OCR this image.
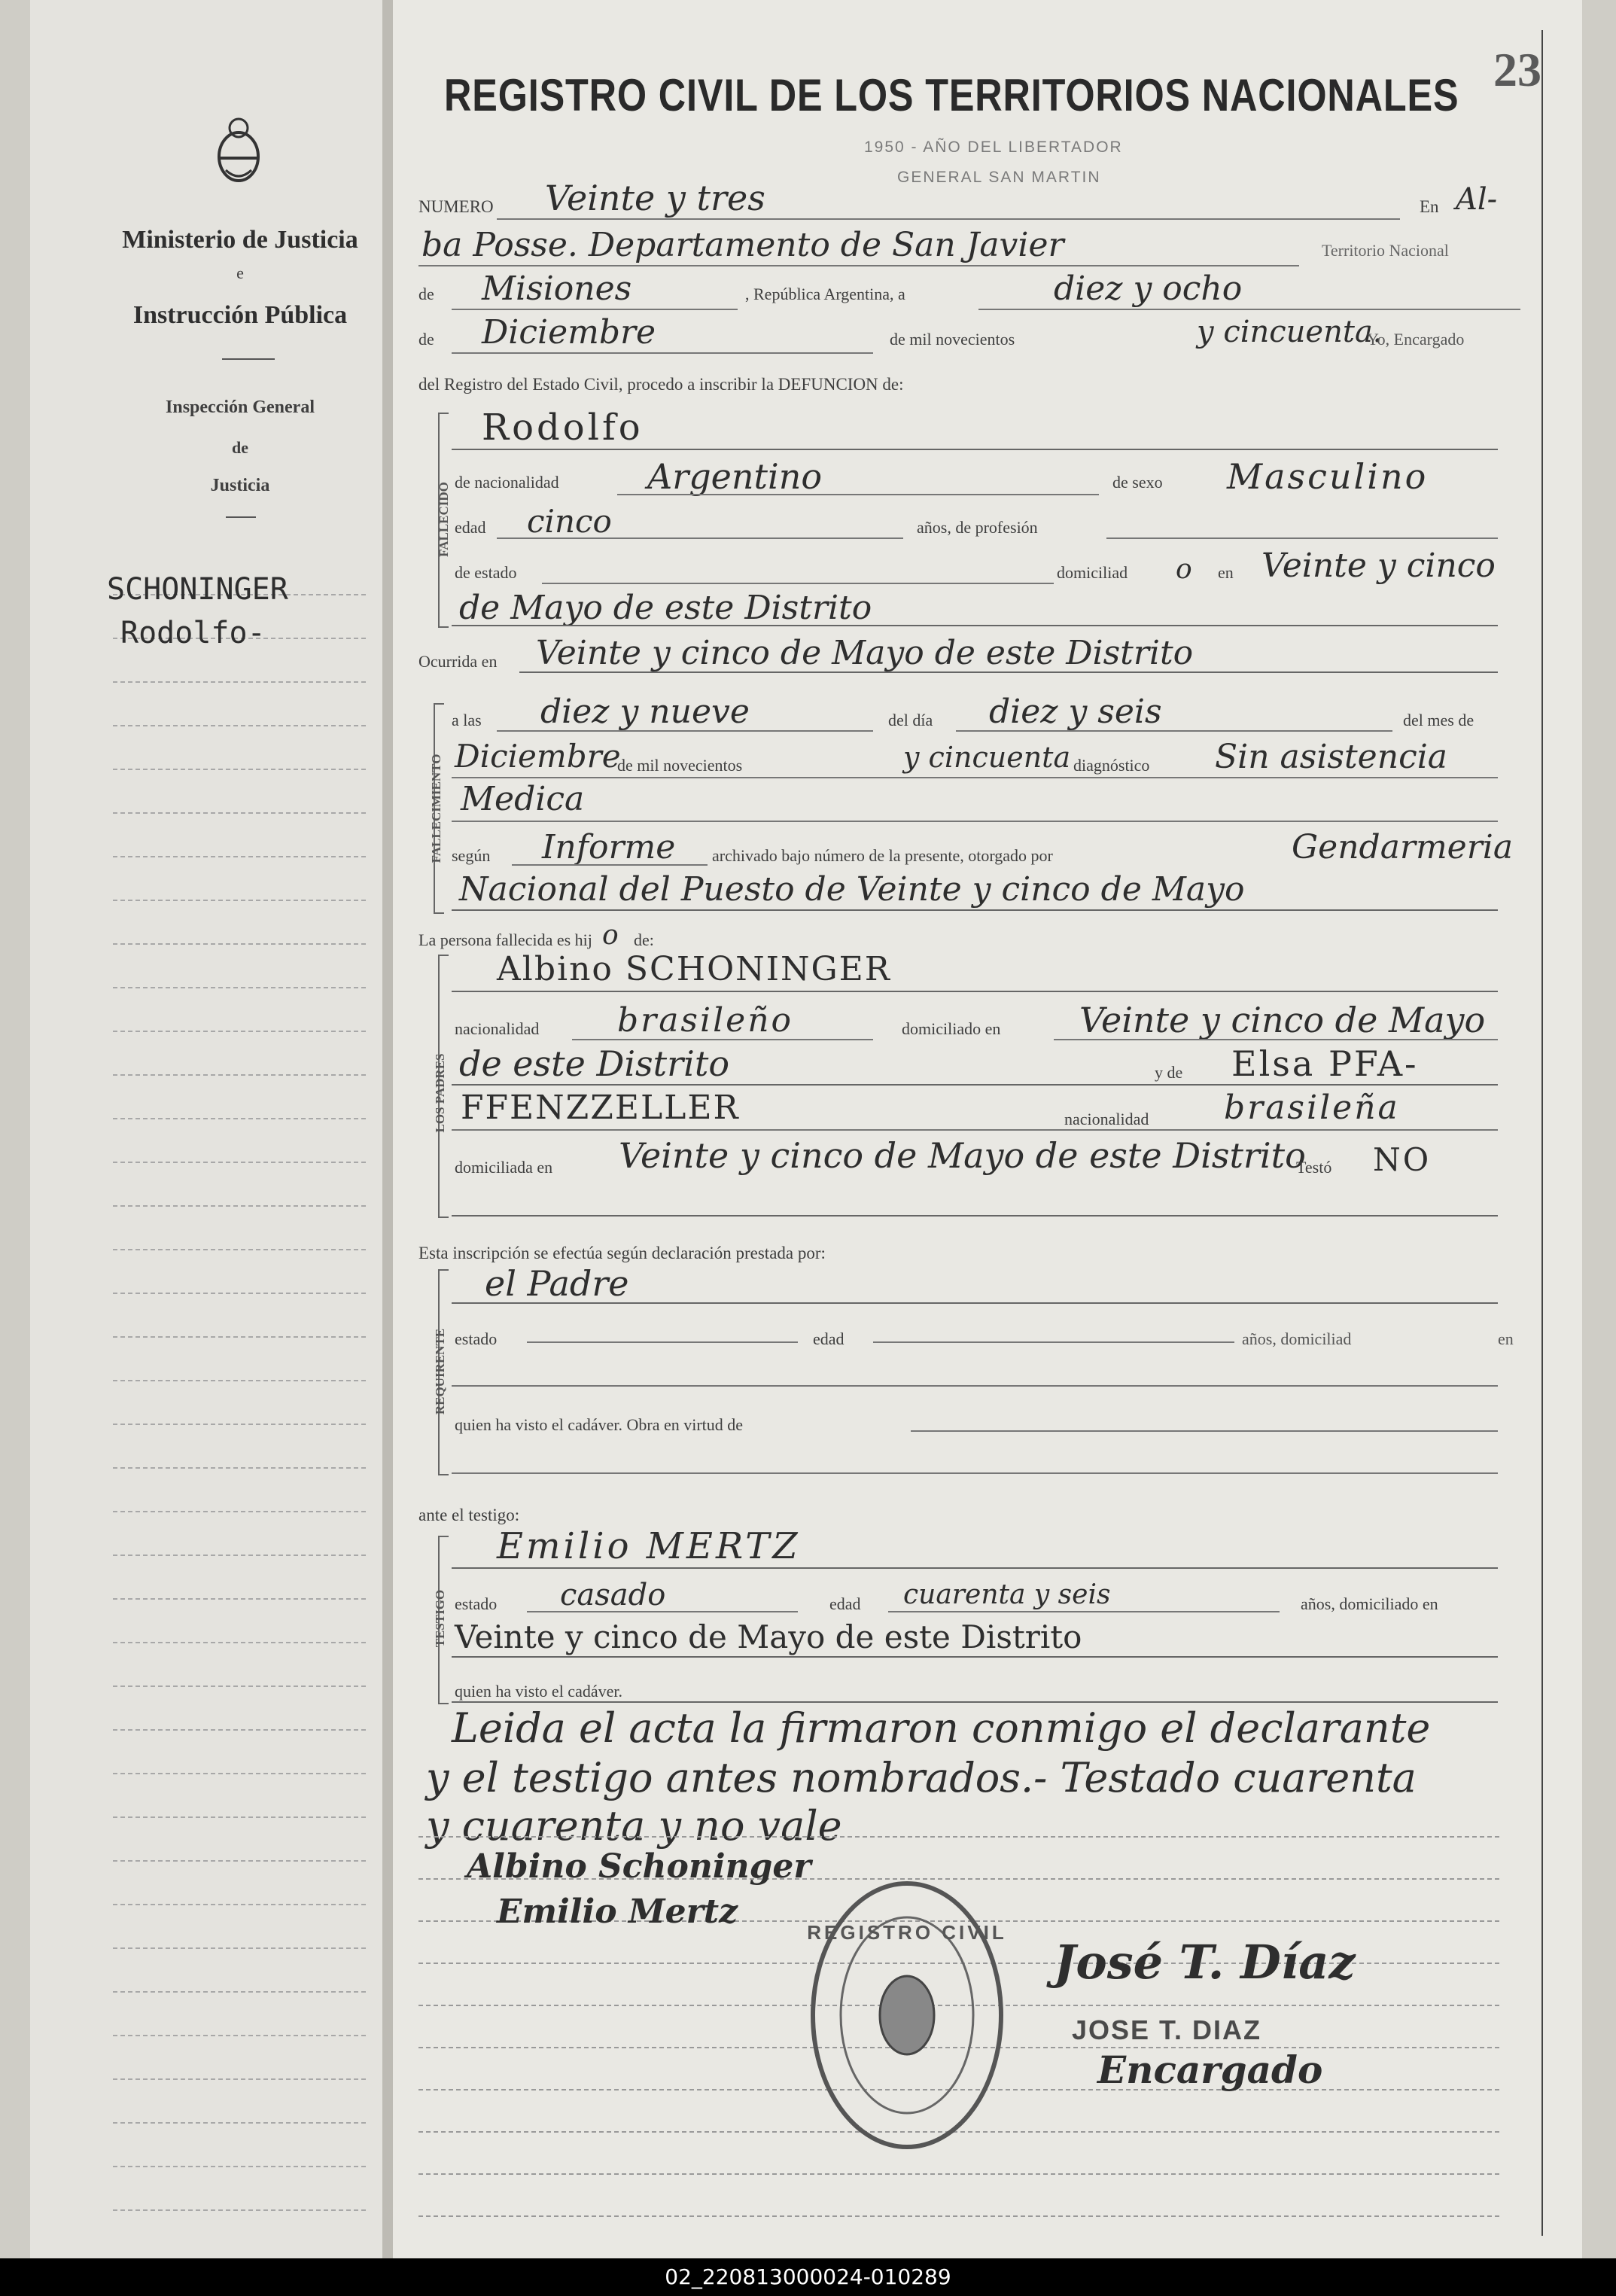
Ministerio de Justicia
e
Instrucción Pública
Inspección General
de
Justicia
SCHONINGER
Rodolfo-
REGISTRO CIVIL DE LOS TERRITORIOS NACIONALES 23
1950 - AÑO DEL LIBERTADOR
GENERAL SAN MARTIN
NUMERO Veinte y tres	En Al-
ba Posse. Departamento de San Javier	Territorio Nacional
de Misiones	, República Argentina, a	diez y ocho
de Diciembre	de mil novecientos	y cincuenta.
Yo, Encargado
del Registro del Estado Civil, procedo a inscribir la DEFUNCION de:
FALLECIDO
Rodolfo
de nacionalidad	Argentino	de sexo Masculino
edad cinco	años, de profesión
de estado	domiciliad o en Veinte y cinco
de Mayo de este Distrito
Ocurrida en Veinte y cinco de Mayo de este Distrito
FALLECIMIENTO
a las diez y nueve	del día diez y seis	del mes de
Diciembre
de mil novecientos	y cincuenta diagnóstico Sin asistencia
Medica
según Informe archivado bajo número de la presente, otorgado por	Gendarmeria
Nacional del Puesto de Veinte y cinco de Mayo
La persona fallecida es hij o de:
LOS PADRES
Albino SCHONINGER
nacionalidad brasileño	domiciliado en Veinte y cinco de Mayo
de este Distrito	y de Elsa PFA-
FFENZZELLER	nacionalidad brasileña
domiciliada en Veinte y cinco de Mayo de este Distrito
Testó NO
Esta inscripción se efectúa según declaración prestada por:
REQUIRENTE
el Padre
estado	edad	años, domiciliad	en
quien ha visto el cadáver. Obra en virtud de
ante el testigo:
TESTIGO
Emilio MERTZ
estado casado	edad cuarenta y seis	años, domiciliado en
Veinte y cinco de Mayo de este Distrito
quien ha visto el cadáver.
Leida el acta la firmaron conmigo el declarante
y el testigo antes nombrados.- Testado cuarenta
y cuarenta y no vale
Albino Schoninger
Emilio Mertz
José T. Díaz
JOSE T. DIAZ
Encargado
REGISTRO CIVIL
02_220813000024-010289
